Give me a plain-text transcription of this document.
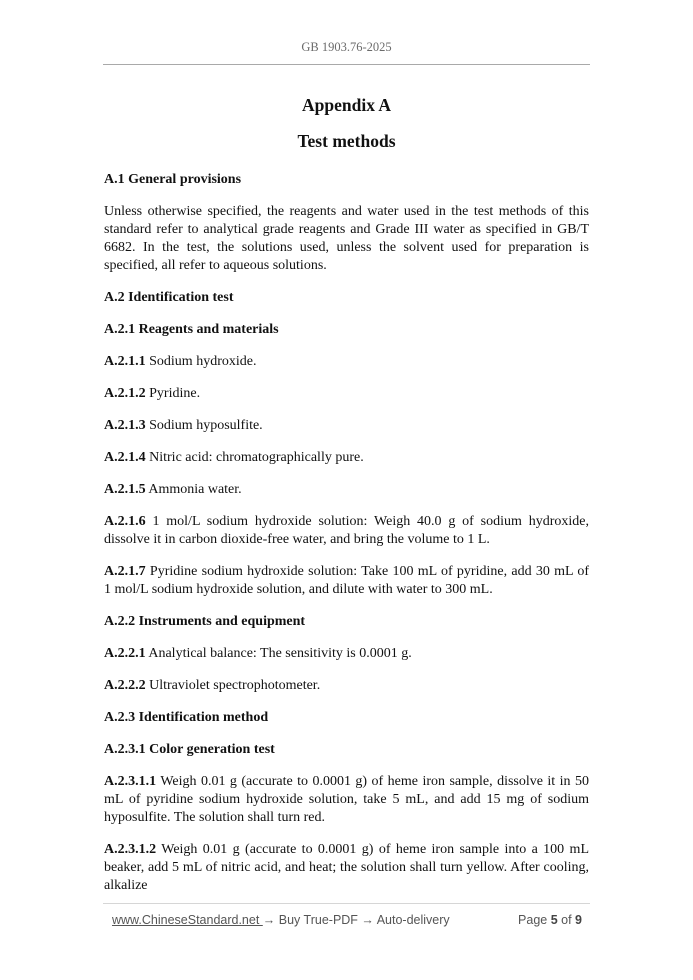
GB 1903.76-2025
Appendix A
Test methods
A.1 General provisions

Unless otherwise specified, the reagents and water used in the test methods of this standard refer to analytical grade reagents and Grade III water as specified in GB/T 6682. In the test, the solutions used, unless the solvent used for preparation is specified, all refer to aqueous solutions.

A.2 Identification test
A.2.1 Reagents and materials

A.2.1.1 Sodium hydroxide.

A.2.1.2 Pyridine.

A.2.1.3 Sodium hyposulfite.

A.2.1.4 Nitric acid: chromatographically pure.

A.2.1.5 Ammonia water.

A.2.1.6 1 mol/L sodium hydroxide solution: Weigh 40.0 g of sodium hydroxide, dissolve it in carbon dioxide-free water, and bring the volume to 1 L.

A.2.1.7 Pyridine sodium hydroxide solution: Take 100 mL of pyridine, add 30 mL of 1 mol/L sodium hydroxide solution, and dilute with water to 300 mL.

A.2.2 Instruments and equipment

A.2.2.1 Analytical balance: The sensitivity is 0.0001 g.

A.2.2.2 Ultraviolet spectrophotometer.

A.2.3 Identification method
A.2.3.1 Color generation test

A.2.3.1.1 Weigh 0.01 g (accurate to 0.0001 g) of heme iron sample, dissolve it in 50 mL of pyridine sodium hydroxide solution, take 5 mL, and add 15 mg of sodium hyposulfite. The solution shall turn red.

A.2.3.1.2 Weigh 0.01 g (accurate to 0.0001 g) of heme iron sample into a 100 mL beaker, add 5 mL of nitric acid, and heat; the solution shall turn yellow. After cooling, alkalize

www.ChineseStandard.net → Buy True-PDF → Auto-delivery	Page 5 of 9
